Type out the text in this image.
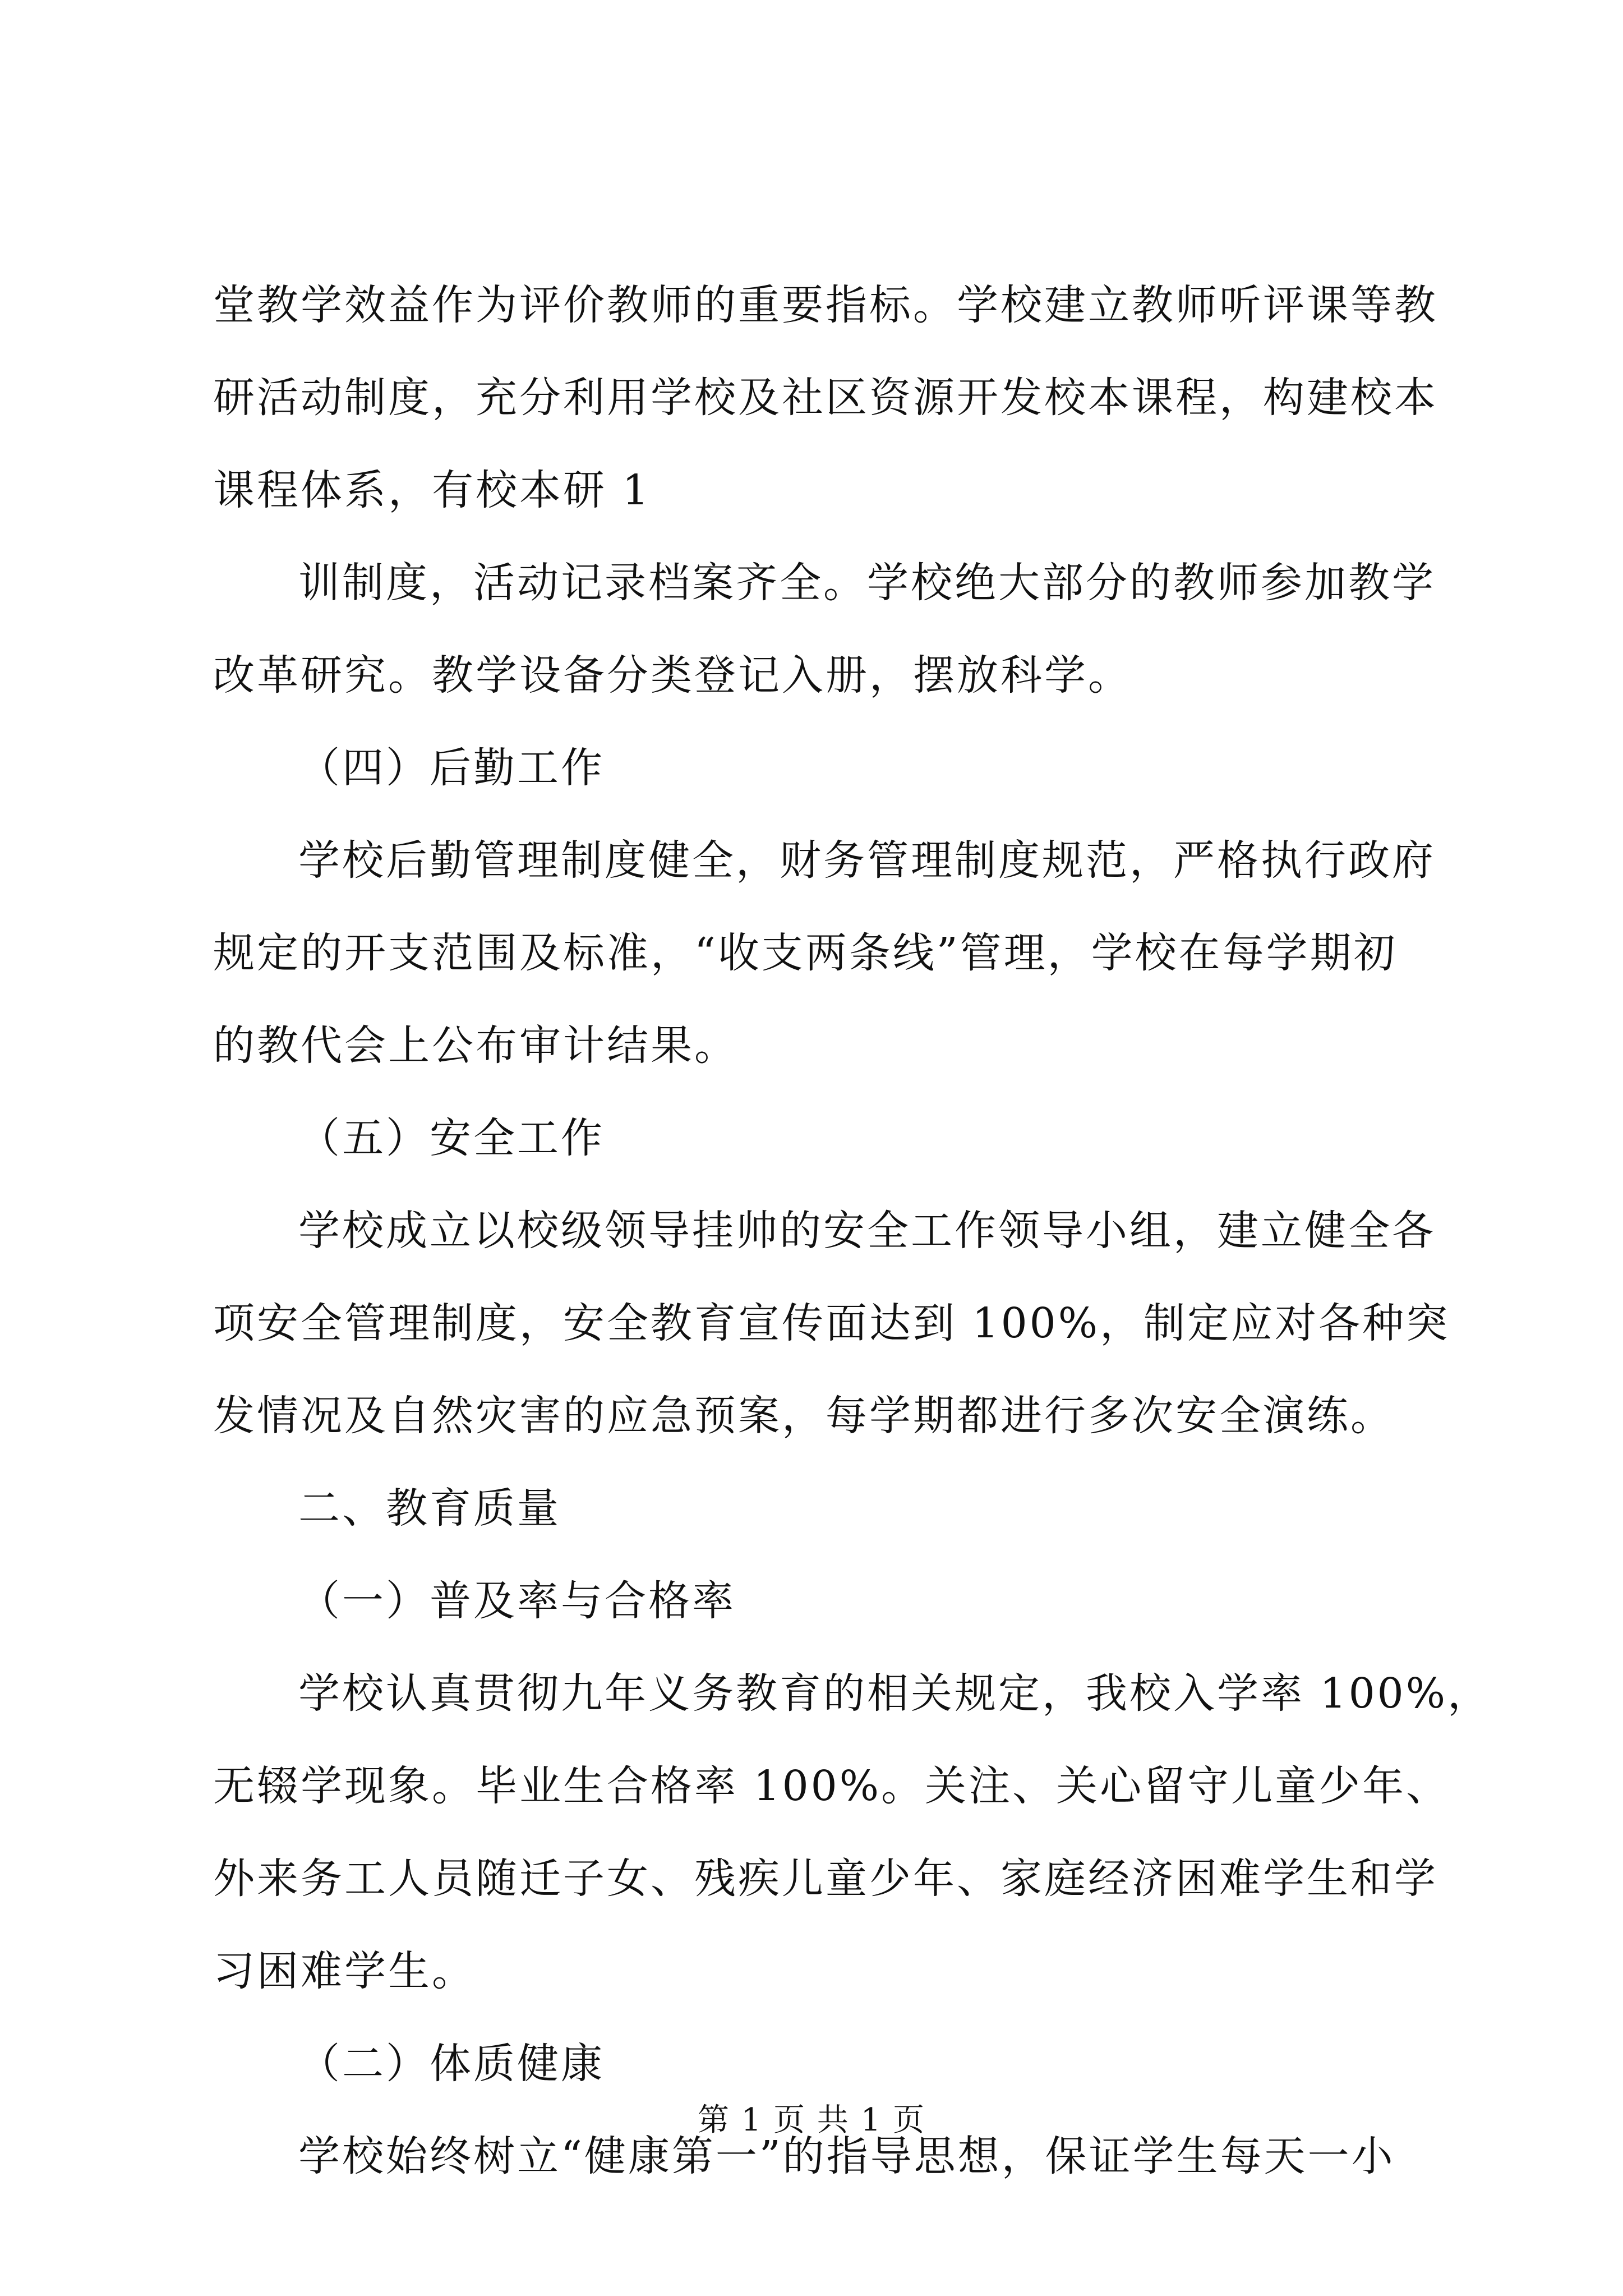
堂教学效益作为评价教师的重要指标。学校建立教师听评课等教
研活动制度，充分利用学校及社区资源开发校本课程，构建校本
课程体系，有校本研 1
训制度，活动记录档案齐全。学校绝大部分的教师参加教学
改革研究。教学设备分类登记入册，摆放科学。
（四）后勤工作
学校后勤管理制度健全，财务管理制度规范，严格执行政府
规定的开支范围及标准，“收支两条线”管理，学校在每学期初
的教代会上公布审计结果。
（五）安全工作
学校成立以校级领导挂帅的安全工作领导小组，建立健全各
项安全管理制度，安全教育宣传面达到 100%，制定应对各种突
发情况及自然灾害的应急预案，每学期都进行多次安全演练。
二、教育质量
（一）普及率与合格率
学校认真贯彻九年义务教育的相关规定，我校入学率 100%，
无辍学现象。毕业生合格率 100%。关注、关心留守儿童少年、
外来务工人员随迁子女、残疾儿童少年、家庭经济困难学生和学
习困难学生。
（二）体质健康
学校始终树立“健康第一”的指导思想，保证学生每天一小
第 1 页 共 1 页
